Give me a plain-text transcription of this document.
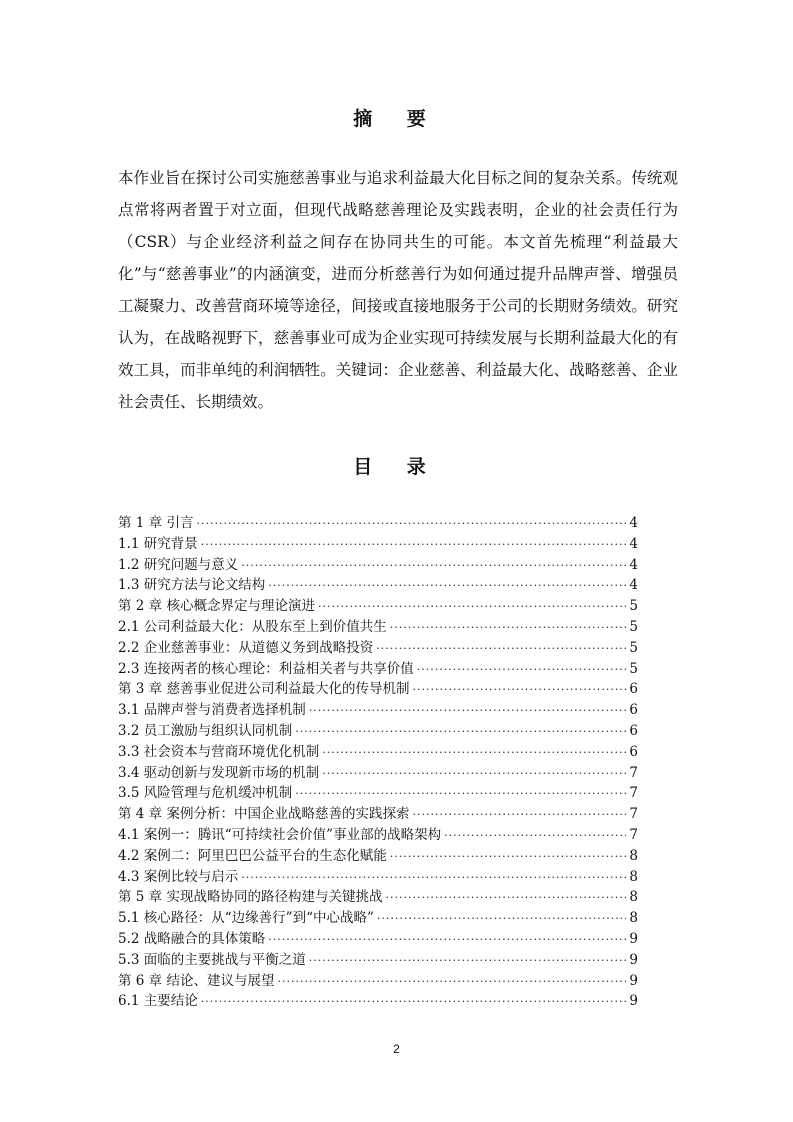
摘 要
本作业旨在探讨公司实施慈善事业与追求利益最大化目标之间的复杂关系。传统观点常将两者置于对立面，但现代战略慈善理论及实践表明，企业的社会责任行为（CSR）与企业经济利益之间存在协同共生的可能。本文首先梳理“利益最大化”与“慈善事业”的内涵演变，进而分析慈善行为如何通过提升品牌声誉、增强员工凝聚力、改善营商环境等途径，间接或直接地服务于公司的长期财务绩效。研究认为，在战略视野下，慈善事业可成为企业实现可持续发展与长期利益最大化的有效工具，而非单纯的利润牺牲。关键词：企业慈善、利益最大化、战略慈善、企业社会责任、长期绩效。
目 录
第 1 章 引言 ·····	4
1.1 研究背景 ·····	4
1.2 研究问题与意义 ·····	4
1.3 研究方法与论文结构 ·····	4
第 2 章 核心概念界定与理论演进 ·····	5
2.1 公司利益最大化：从股东至上到价值共生 ·····	5
2.2 企业慈善事业：从道德义务到战略投资 ·····	5
2.3 连接两者的核心理论：利益相关者与共享价值 ·····	5
第 3 章 慈善事业促进公司利益最大化的传导机制 ·····	6
3.1 品牌声誉与消费者选择机制 ·····	6
3.2 员工激励与组织认同机制 ·····	6
3.3 社会资本与营商环境优化机制 ·····	6
3.4 驱动创新与发现新市场的机制 ·····	7
3.5 风险管理与危机缓冲机制 ·····	7
第 4 章 案例分析：中国企业战略慈善的实践探索 ·····	7
4.1 案例一：腾讯“可持续社会价值”事业部的战略架构 ·····	7
4.2 案例二：阿里巴巴公益平台的生态化赋能 ·····	8
4.3 案例比较与启示 ·····	8
第 5 章 实现战略协同的路径构建与关键挑战 ·····	8
5.1 核心路径：从“边缘善行”到“中心战略” ·····	8
5.2 战略融合的具体策略 ·····	9
5.3 面临的主要挑战与平衡之道 ·····	9
第 6 章 结论、建议与展望 ·····	9
6.1 主要结论 ·····	9
2
